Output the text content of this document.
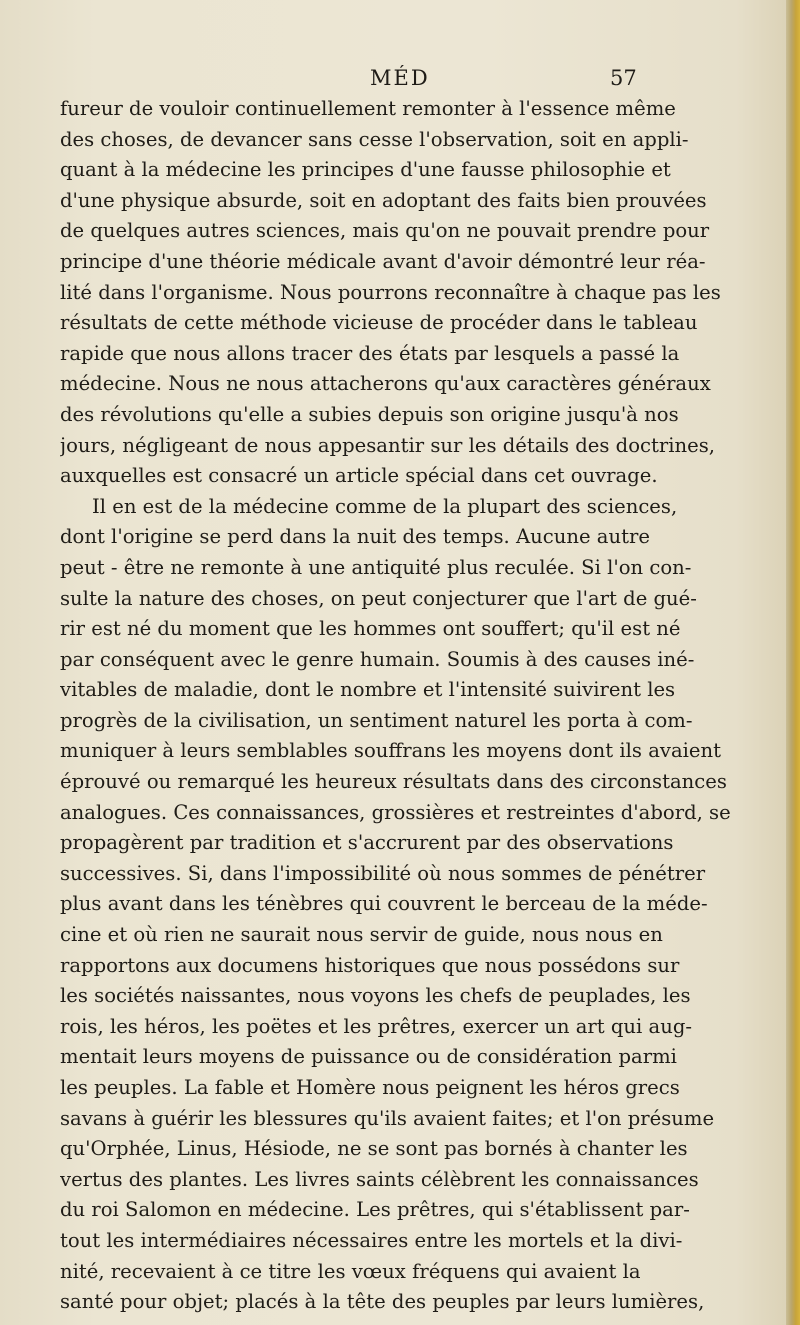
MÉD	57
fureur de vouloir continuellement remonter à l'essence même
des choses, de devancer sans cesse l'observation, soit en appli-
quant à la médecine les principes d'une fausse philosophie et
d'une physique absurde, soit en adoptant des faits bien prouvées
de quelques autres sciences, mais qu'on ne pouvait prendre pour
principe d'une théorie médicale avant d'avoir démontré leur réa-
lité dans l'organisme. Nous pourrons reconnaître à chaque pas les
résultats de cette méthode vicieuse de procéder dans le tableau
rapide que nous allons tracer des états par lesquels a passé la
médecine. Nous ne nous attacherons qu'aux caractères généraux
des révolutions qu'elle a subies depuis son origine jusqu'à nos
jours, négligeant de nous appesantir sur les détails des doctrines,
auxquelles est consacré un article spécial dans cet ouvrage.
Il en est de la médecine comme de la plupart des sciences,
dont l'origine se perd dans la nuit des temps. Aucune autre
peut - être ne remonte à une antiquité plus reculée. Si l'on con-
sulte la nature des choses, on peut conjecturer que l'art de gué-
rir est né du moment que les hommes ont souffert; qu'il est né
par conséquent avec le genre humain. Soumis à des causes iné-
vitables de maladie, dont le nombre et l'intensité suivirent les
progrès de la civilisation, un sentiment naturel les porta à com-
muniquer à leurs semblables souffrans les moyens dont ils avaient
éprouvé ou remarqué les heureux résultats dans des circonstances
analogues. Ces connaissances, grossières et restreintes d'abord, se
propagèrent par tradition et s'accrurent par des observations
successives. Si, dans l'impossibilité où nous sommes de pénétrer
plus avant dans les ténèbres qui couvrent le berceau de la méde-
cine et où rien ne saurait nous servir de guide, nous nous en
rapportons aux documens historiques que nous possédons sur
les sociétés naissantes, nous voyons les chefs de peuplades, les
rois, les héros, les poëtes et les prêtres, exercer un art qui aug-
mentait leurs moyens de puissance ou de considération parmi
les peuples. La fable et Homère nous peignent les héros grecs
savans à guérir les blessures qu'ils avaient faites; et l'on présume
qu'Orphée, Linus, Hésiode, ne se sont pas bornés à chanter les
vertus des plantes. Les livres saints célèbrent les connaissances
du roi Salomon en médecine. Les prêtres, qui s'établissent par-
tout les intermédiaires nécessaires entre les mortels et la divi-
nité, recevaient à ce titre les vœux fréquens qui avaient la
santé pour objet; placés à la tête des peuples par leurs lumières,
